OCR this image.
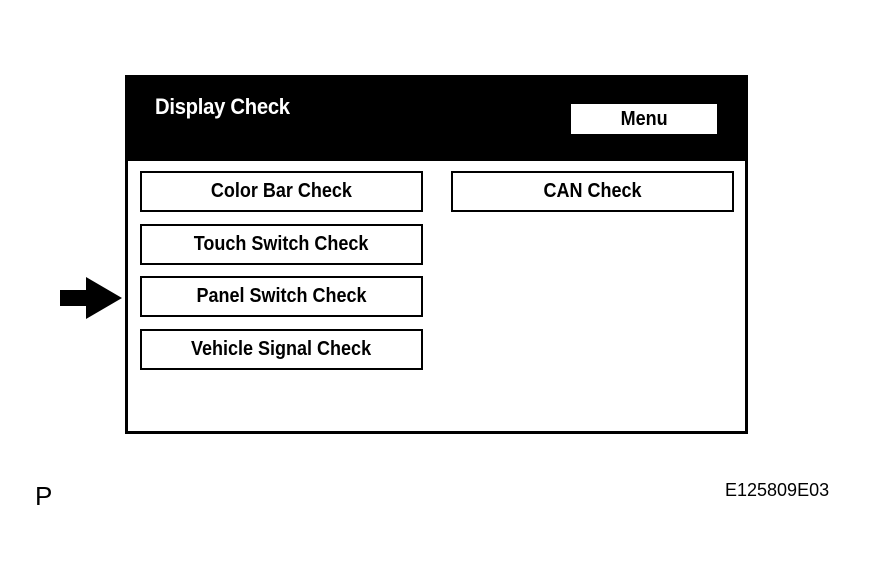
Display Check	Menu
Color Bar Check
Touch Switch Check
Panel Switch Check
Vehicle Signal Check
CAN Check
P	E125809E03
